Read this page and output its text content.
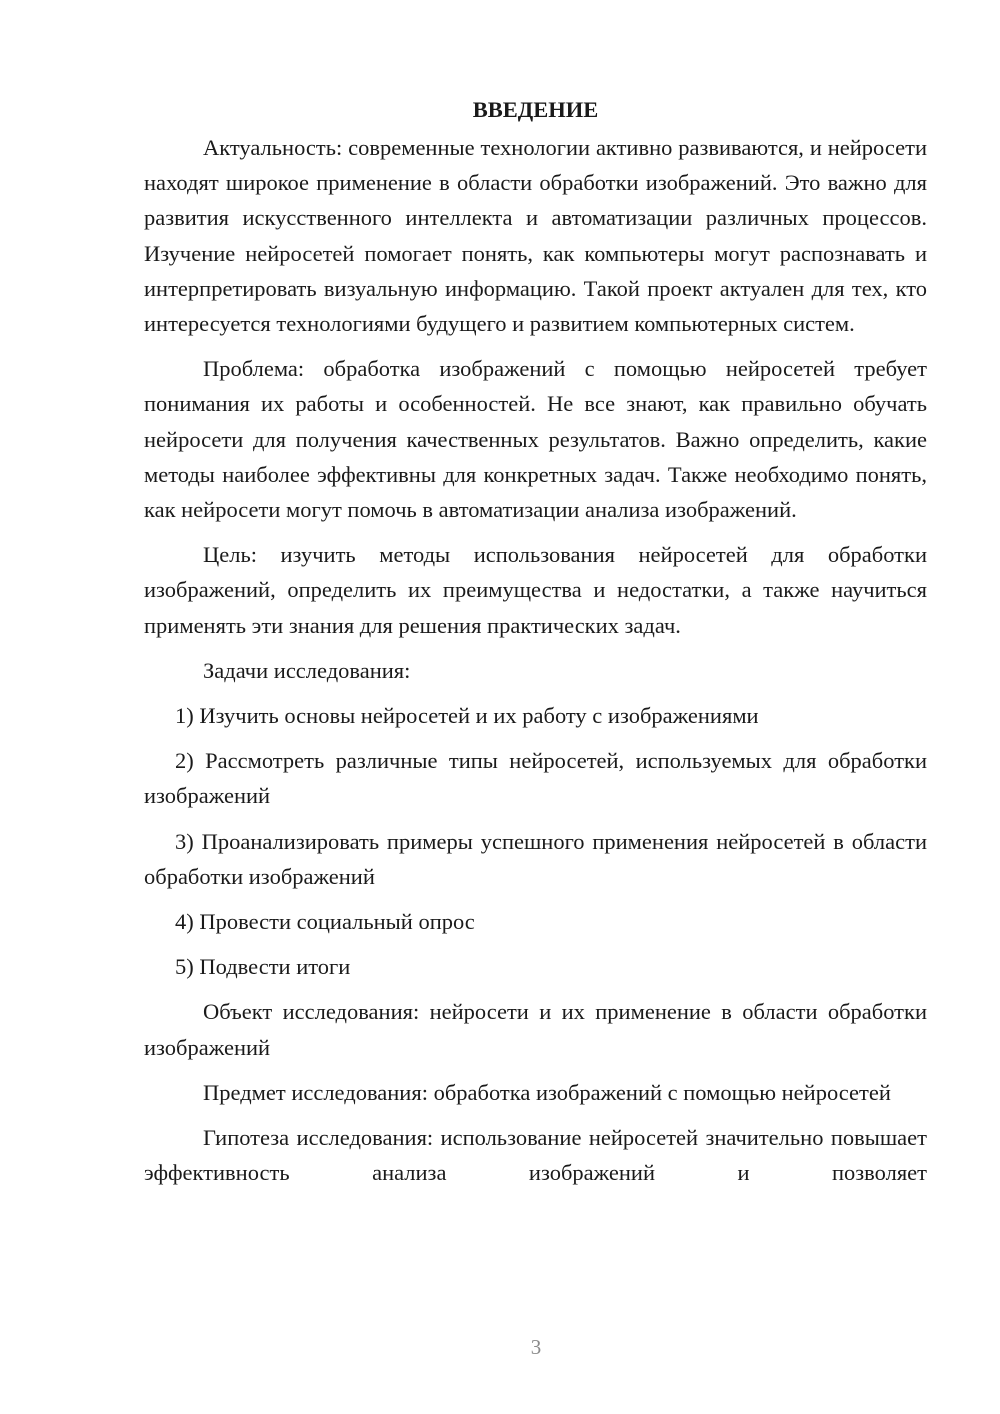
ВВЕДЕНИЕ

Актуальность: современные технологии активно развиваются, и нейросети находят широкое применение в области обработки изображений. Это важно для развития искусственного интеллекта и автоматизации различных процессов. Изучение нейросетей помогает понять, как компьютеры могут распознавать и интерпретировать визуальную информацию. Такой проект актуален для тех, кто интересуется технологиями будущего и развитием компьютерных систем.

Проблема: обработка изображений с помощью нейросетей требует понимания их работы и особенностей. Не все знают, как правильно обучать нейросети для получения качественных результатов. Важно определить, какие методы наиболее эффективны для конкретных задач. Также необходимо понять, как нейросети могут помочь в автоматизации анализа изображений.

Цель: изучить методы использования нейросетей для обработки изображений, определить их преимущества и недостатки, а также научиться применять эти знания для решения практических задач.

Задачи исследования:

1) Изучить основы нейросетей и их работу с изображениями

2) Рассмотреть различные типы нейросетей, используемых для обработки изображений

3) Проанализировать примеры успешного применения нейросетей в области обработки изображений

4) Провести социальный опрос

5) Подвести итоги

Объект исследования: нейросети и их применение в области обработки изображений

Предмет исследования: обработка изображений с помощью нейросетей

Гипотеза исследования: использование нейросетей значительно повышает эффективность анализа изображений и позволяет

3
